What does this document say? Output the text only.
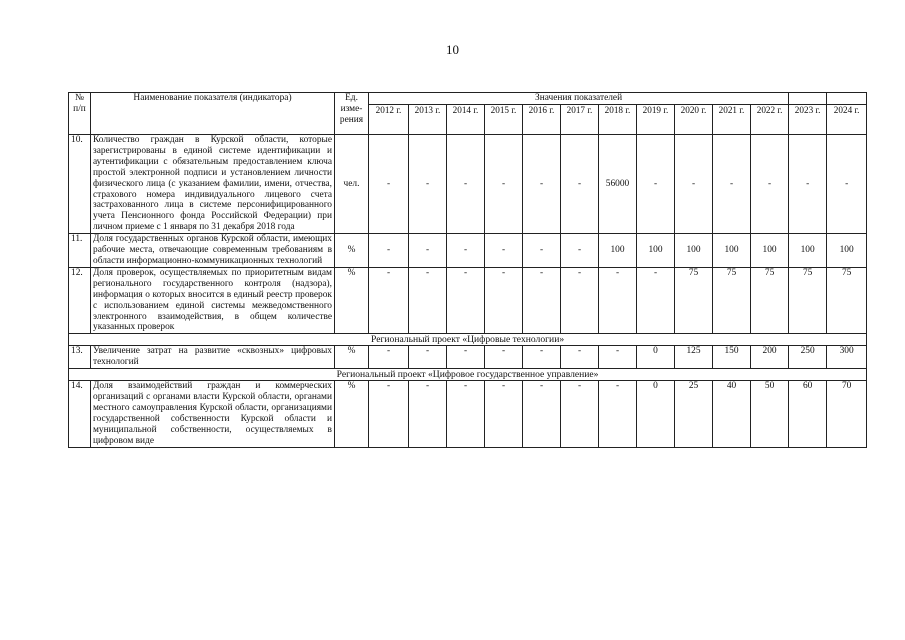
10
№ п/п	Наименование показателя (индикатора)	Ед. изме-рения	Значения показателей												
			2012 г.	2013 г.	2014 г.	2015 г.	2016 г.	2017 г.	2018 г.	2019 г.	2020 г.	2021 г.	2022 г.	2023 г.	2024 г.
10.	Количество граждан в Курской области, которые зарегистрированы в единой системе идентификации и аутентификации с обязательным предоставлением ключа простой электронной подписи и установлением личности физического лица (с указанием фамилии, имени, отчества, страхового номера индивидуального лицевого счета застрахованного лица в системе персонифицированного учета Пенсионного фонда Российской Федерации) при личном приеме с 1 января по 31 декабря 2018 года	чел.	-	-	-	-	-	-	56000	-	-	-	-	-	-
11.	Доля государственных органов Курской области, имеющих рабочие места, отвечающие современным требованиям в области информационно-коммуникационных технологий	%	-	-	-	-	-	-	100	100	100	100	100	100	100
12.	Доля проверок, осуществляемых по приоритетным видам регионального государственного контроля (надзора), информация о которых вносится в единый реестр проверок с использованием единой системы межведомственного электронного взаимодействия, в общем количестве указанных проверок	%	-	-	-	-	-	-	-	-	75	75	75	75	75
Региональный проект «Цифровые технологии»															
13.	Увеличение затрат на развитие «сквозных» цифровых технологий	%	-	-	-	-	-	-	-	0	125	150	200	250	300
Региональный проект «Цифровое государственное управление»															
14.	Доля взаимодействий граждан и коммерческих организаций с органами власти Курской области, органами местного самоуправления Курской области, организациями государственной собственности Курской области и муниципальной собственности, осуществляемых в цифровом виде	%	-	-	-	-	-	-	-	0	25	40	50	60	70
